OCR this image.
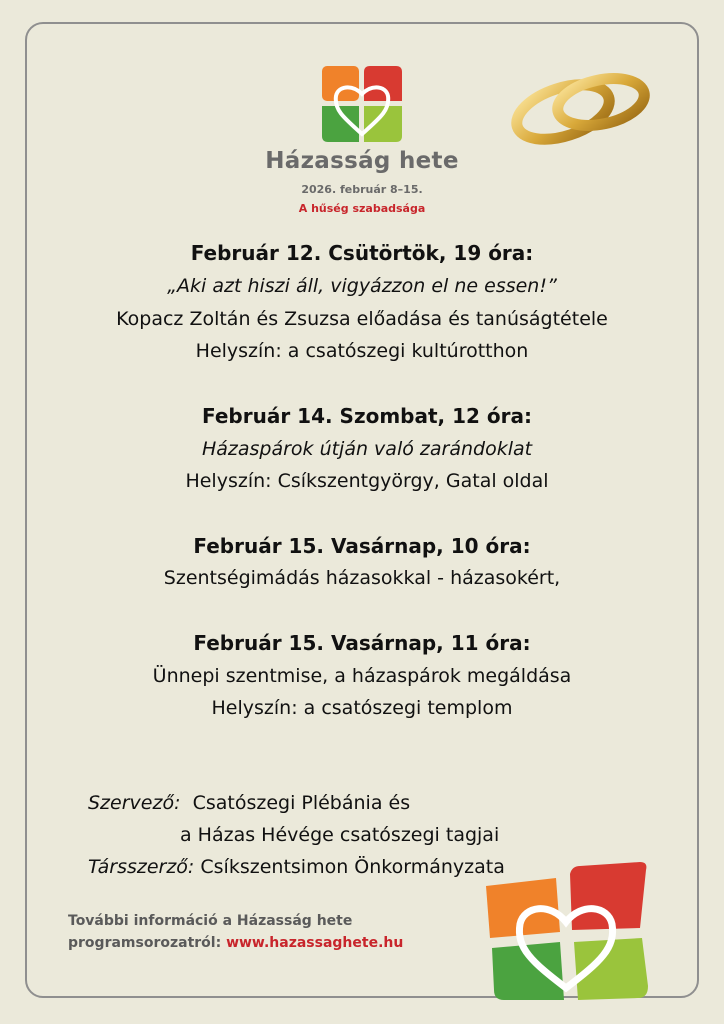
Házasság hete
2026. február 8–15.
A hűség szabadsága
Február 12. Csütörtök, 19 óra:
„Aki azt hiszi áll, vigyázzon el ne essen!”
Kopacz Zoltán és Zsuzsa előadása és tanúságtétele
Helyszín: a csatószegi kultúrotthon
Február 14. Szombat, 12 óra:
Házaspárok útján való zarándoklat
Helyszín: Csíkszentgyörgy, Gatal oldal
Február 15. Vasárnap, 10 óra:
Szentségimádás házasokkal - házasokért,
Február 15. Vasárnap, 11 óra:
Ünnepi szentmise, a házaspárok megáldása
Helyszín: a csatószegi templom
Szervező: Csatószegi Plébánia és
a Házas Hévége csatószegi tagjai
Társszerző: Csíkszentsimon Önkormányzata
További információ a Házasság hete
programsorozatról: www.hazassaghete.hu
